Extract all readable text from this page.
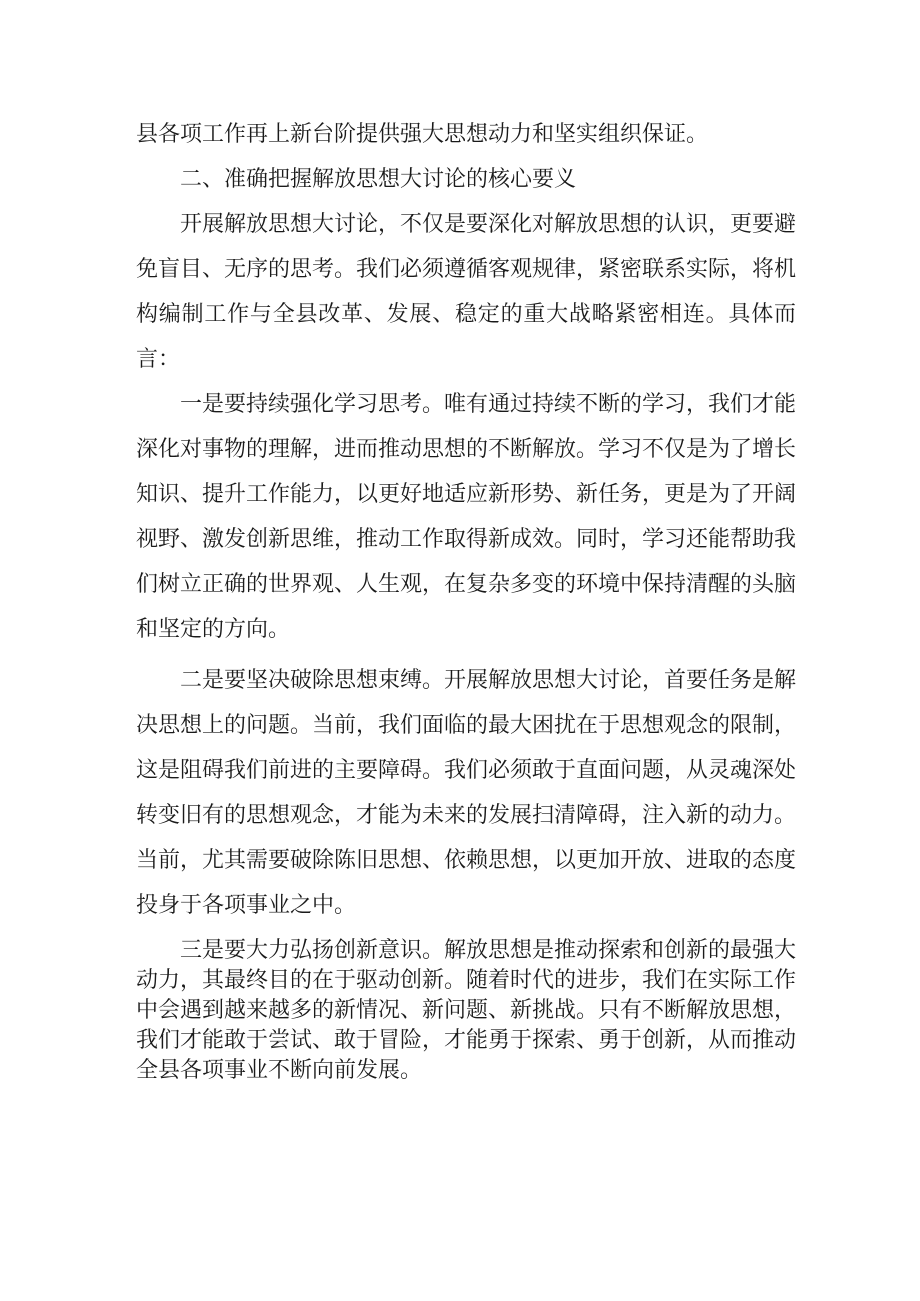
县各项工作再上新台阶提供强大思想动力和坚实组织保证。

二、准确把握解放思想大讨论的核心要义

开展解放思想大讨论，不仅是要深化对解放思想的认识，更要避免盲目、无序的思考。我们必须遵循客观规律，紧密联系实际，将机构编制工作与全县改革、发展、稳定的重大战略紧密相连。具体而言：

一是要持续强化学习思考。唯有通过持续不断的学习，我们才能深化对事物的理解，进而推动思想的不断解放。学习不仅是为了增长知识、提升工作能力，以更好地适应新形势、新任务，更是为了开阔视野、激发创新思维，推动工作取得新成效。同时，学习还能帮助我们树立正确的世界观、人生观，在复杂多变的环境中保持清醒的头脑和坚定的方向。

二是要坚决破除思想束缚。开展解放思想大讨论，首要任务是解决思想上的问题。当前，我们面临的最大困扰在于思想观念的限制，这是阻碍我们前进的主要障碍。我们必须敢于直面问题，从灵魂深处转变旧有的思想观念，才能为未来的发展扫清障碍，注入新的动力。当前，尤其需要破除陈旧思想、依赖思想，以更加开放、进取的态度投身于各项事业之中。

三是要大力弘扬创新意识。解放思想是推动探索和创新的最强大动力，其最终目的在于驱动创新。随着时代的进步，我们在实际工作中会遇到越来越多的新情况、新问题、新挑战。只有不断解放思想，我们才能敢于尝试、敢于冒险，才能勇于探索、勇于创新，从而推动全县各项事业不断向前发展。
